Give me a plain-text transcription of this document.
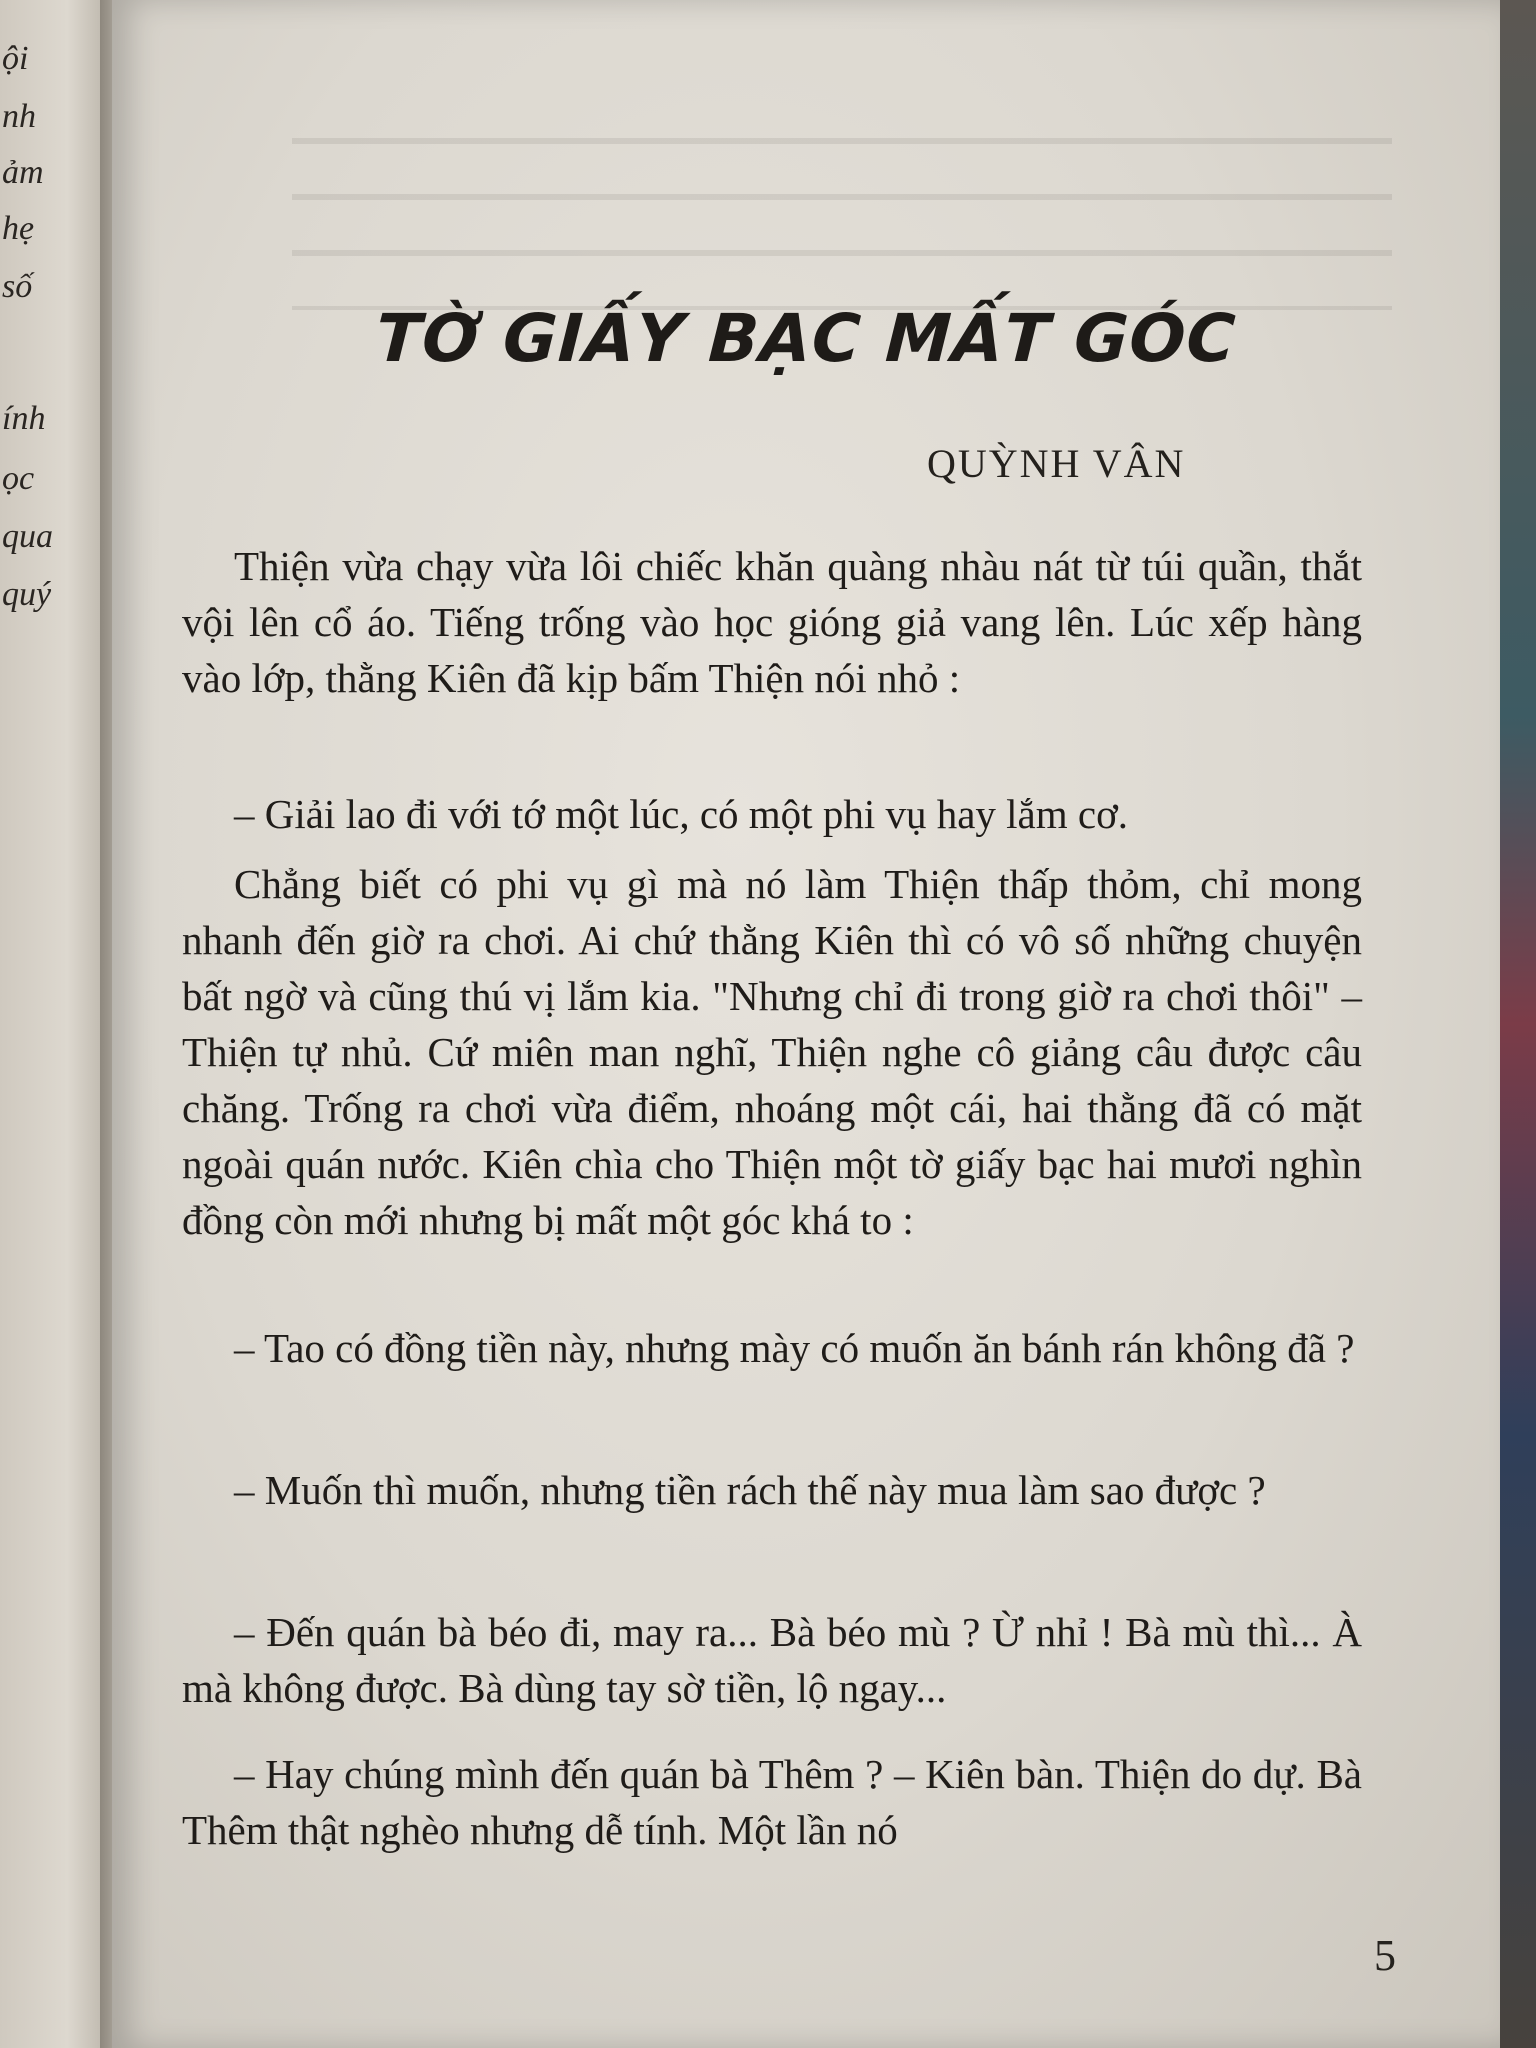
ội
nh
ảm
hẹ
số
ính
ọc
qua
quý
TỜ GIẤY BẠC MẤT GÓC
QUỲNH VÂN

Thiện vừa chạy vừa lôi chiếc khăn quàng nhàu nát từ túi quần, thắt vội lên cổ áo. Tiếng trống vào học gióng giả vang lên. Lúc xếp hàng vào lớp, thằng Kiên đã kịp bấm Thiện nói nhỏ :

– Giải lao đi với tớ một lúc, có một phi vụ hay lắm cơ.

Chẳng biết có phi vụ gì mà nó làm Thiện thấp thỏm, chỉ mong nhanh đến giờ ra chơi. Ai chứ thằng Kiên thì có vô số những chuyện bất ngờ và cũng thú vị lắm kia. "Nhưng chỉ đi trong giờ ra chơi thôi" – Thiện tự nhủ. Cứ miên man nghĩ, Thiện nghe cô giảng câu được câu chăng. Trống ra chơi vừa điểm, nhoáng một cái, hai thằng đã có mặt ngoài quán nước. Kiên chìa cho Thiện một tờ giấy bạc hai mươi nghìn đồng còn mới nhưng bị mất một góc khá to :

– Tao có đồng tiền này, nhưng mày có muốn ăn bánh rán không đã ?

– Muốn thì muốn, nhưng tiền rách thế này mua làm sao được ?

– Đến quán bà béo đi, may ra... Bà béo mù ? Ừ nhỉ ! Bà mù thì... À mà không được. Bà dùng tay sờ tiền, lộ ngay...

– Hay chúng mình đến quán bà Thêm ? – Kiên bàn. Thiện do dự. Bà Thêm thật nghèo nhưng dễ tính. Một lần nó

5
